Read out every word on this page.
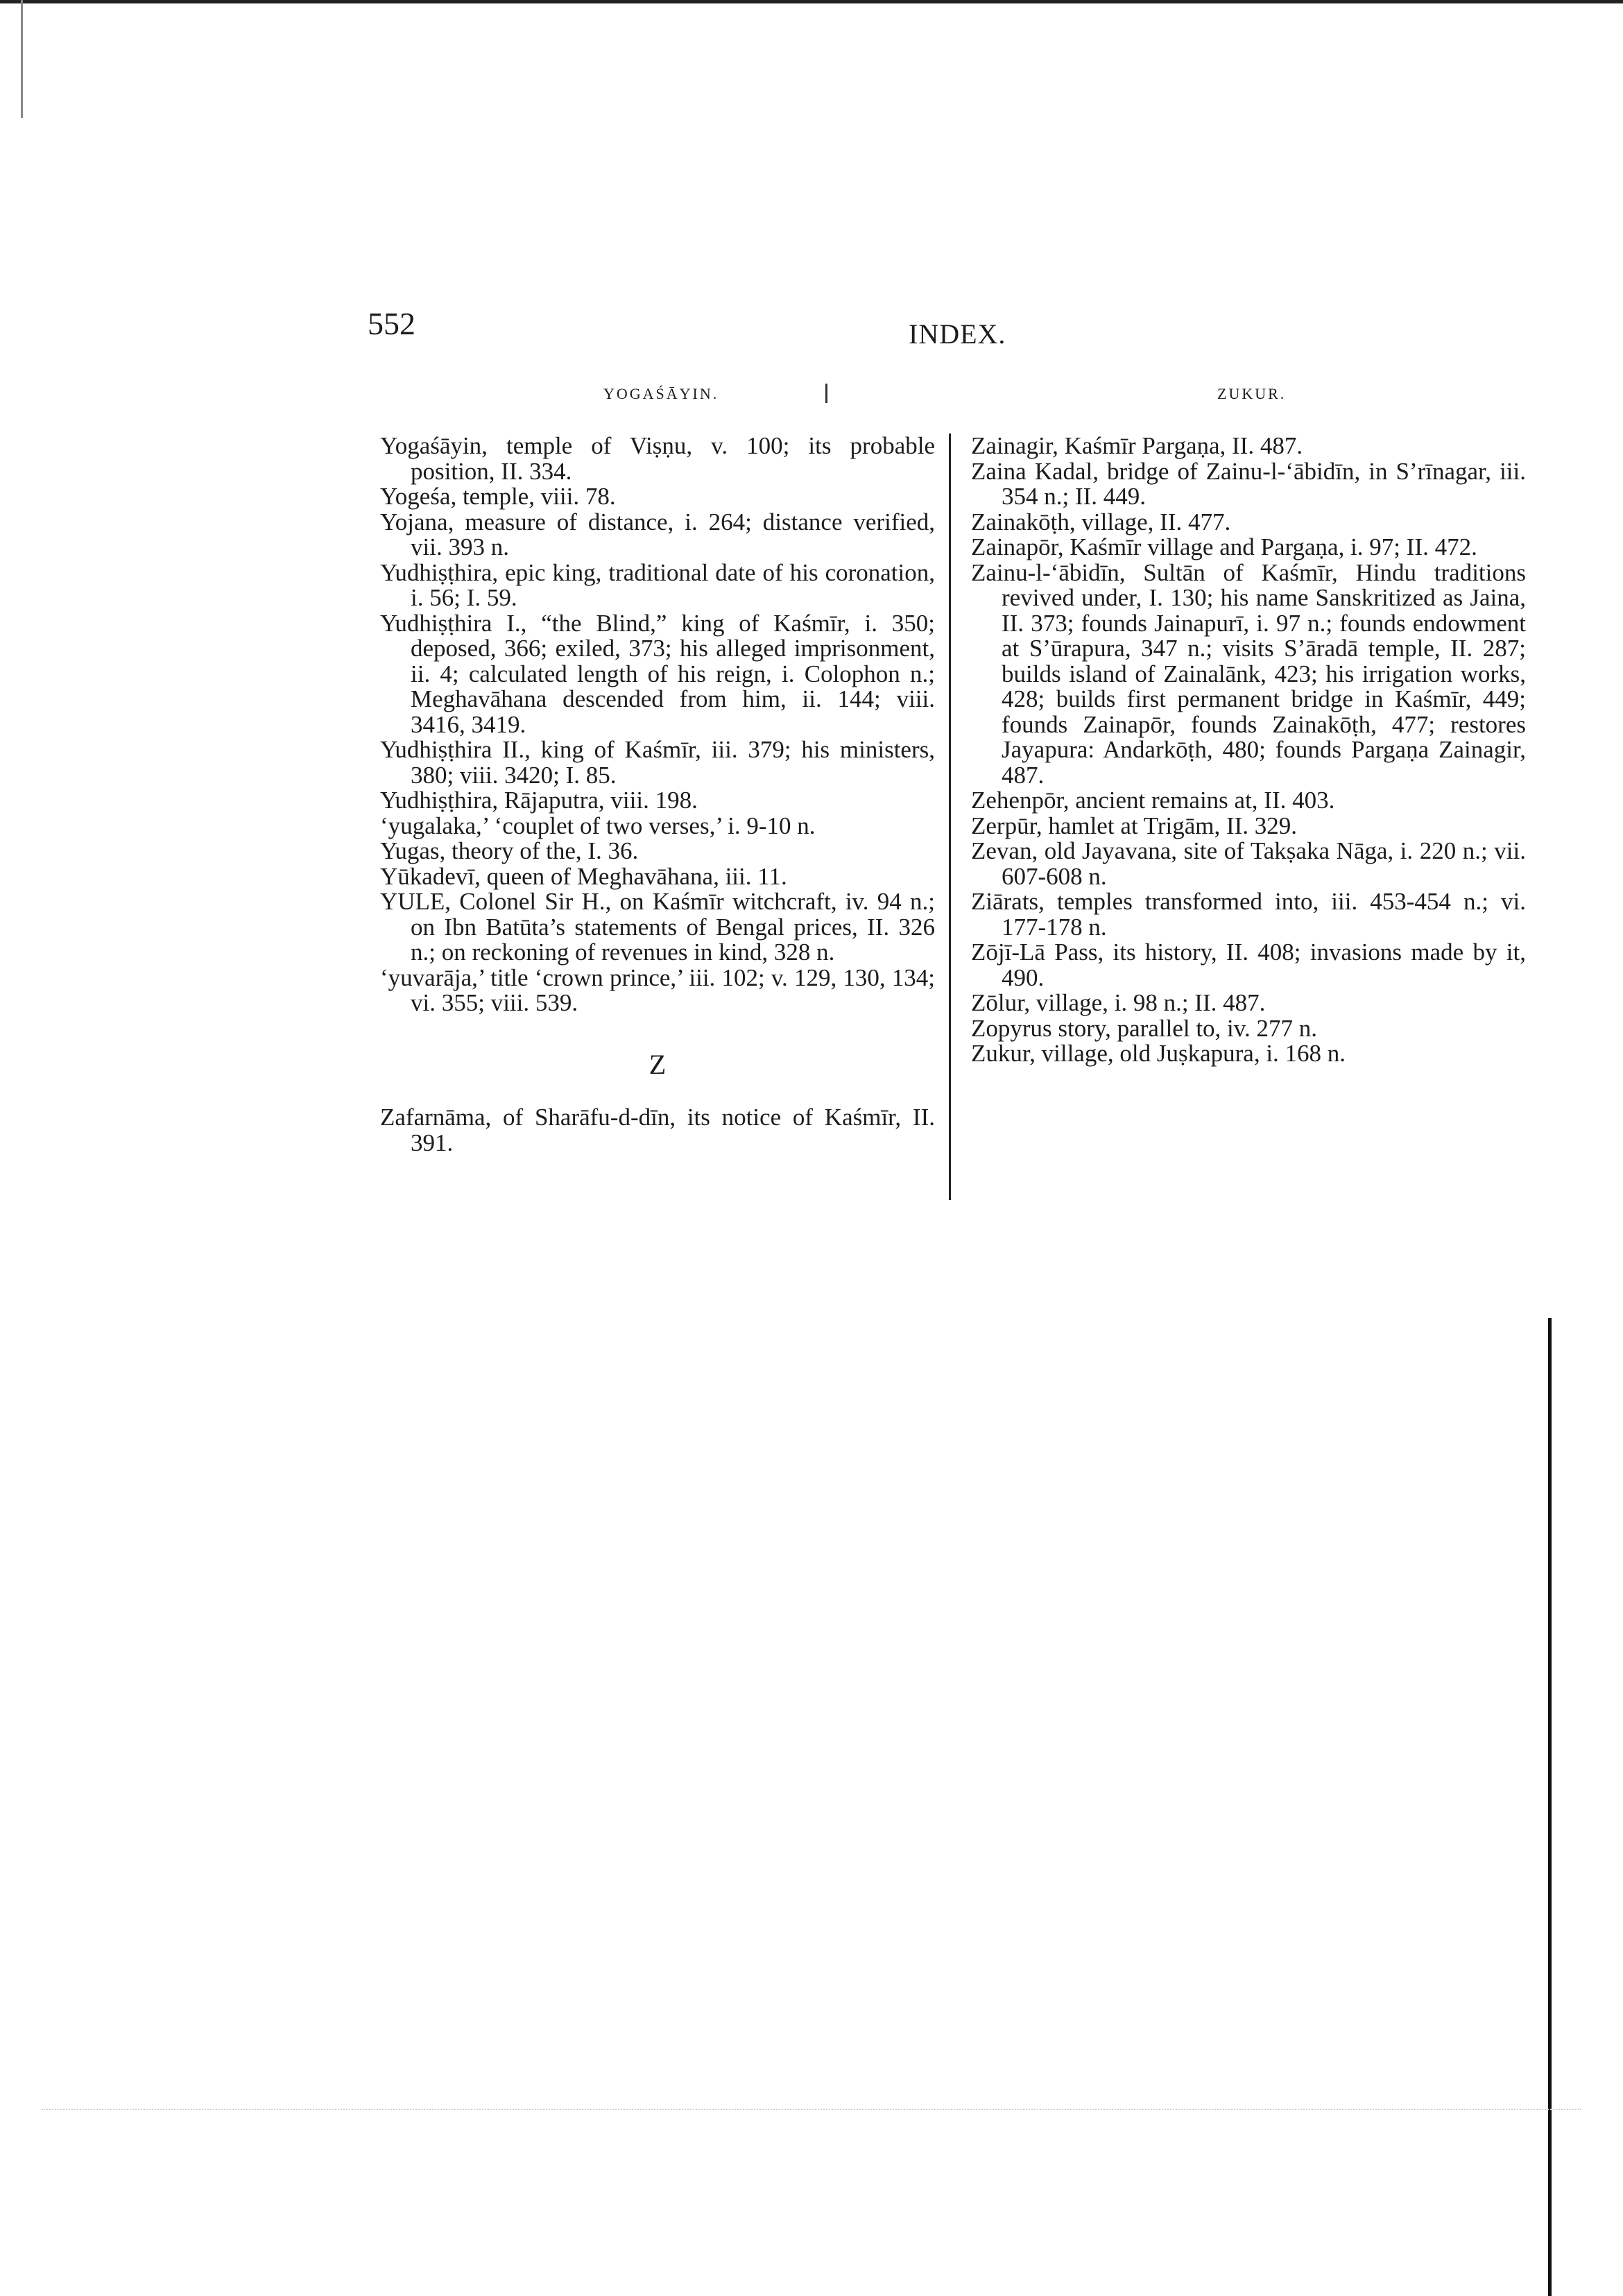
552	INDEX.
YOGAŚĀYIN.	ZUKUR.

Yogaśāyin, temple of Viṣṇu, v. 100; its probable position, II. 334.

Yogeśa, temple, viii. 78.

Yojana, measure of distance, i. 264; distance verified, vii. 393 n.

Yudhiṣṭhira, epic king, traditional date of his coronation, i. 56; I. 59.

Yudhiṣṭhira I., “the Blind,” king of Kaśmīr, i. 350; deposed, 366; exiled, 373; his alleged imprisonment, ii. 4; calculated length of his reign, i. Colophon n.; Meghavāhana descended from him, ii. 144; viii. 3416, 3419.

Yudhiṣṭhira II., king of Kaśmīr, iii. 379; his ministers, 380; viii. 3420; I. 85.

Yudhiṣṭhira, Rājaputra, viii. 198.

‘yugalaka,’ ‘couplet of two verses,’ i. 9-10 n.

Yugas, theory of the, I. 36.

Yūkadevī, queen of Meghavāhana, iii. 11.

YULE, Colonel Sir H., on Kaśmīr witchcraft, iv. 94 n.; on Ibn Batūta’s statements of Bengal prices, II. 326 n.; on reckoning of revenues in kind, 328 n.

‘yuvarāja,’ title ‘crown prince,’ iii. 102; v. 129, 130, 134; vi. 355; viii. 539.

Z

Zafarnāma, of Sharāfu-d-dīn, its notice of Kaśmīr, II. 391.

Zainagir, Kaśmīr Pargaṇa, II. 487.

Zaina Kadal, bridge of Zainu-l-‘ābidīn, in S’rīnagar, iii. 354 n.; II. 449.

Zainakōṭh, village, II. 477.

Zainapōr, Kaśmīr village and Pargaṇa, i. 97; II. 472.

Zainu-l-‘ābidīn, Sultān of Kaśmīr, Hindu traditions revived under, I. 130; his name Sanskritized as Jaina, II. 373; founds Jainapurī, i. 97 n.; founds endowment at S’ūrapura, 347 n.; visits S’āradā temple, II. 287; builds island of Zainalānk, 423; his irrigation works, 428; builds first permanent bridge in Kaśmīr, 449; founds Zainapōr, founds Zainakōṭh, 477; restores Jayapura: Andarkōṭh, 480; founds Pargaṇa Zainagir, 487.

Zehenpōr, ancient remains at, II. 403.

Zerpūr, hamlet at Trigām, II. 329.

Zevan, old Jayavana, site of Takṣaka Nāga, i. 220 n.; vii. 607-608 n.

Ziārats, temples transformed into, iii. 453-454 n.; vi. 177-178 n.

Zōjī-Lā Pass, its history, II. 408; invasions made by it, 490.

Zōlur, village, i. 98 n.; II. 487.

Zopyrus story, parallel to, iv. 277 n.

Zukur, village, old Juṣkapura, i. 168 n.
